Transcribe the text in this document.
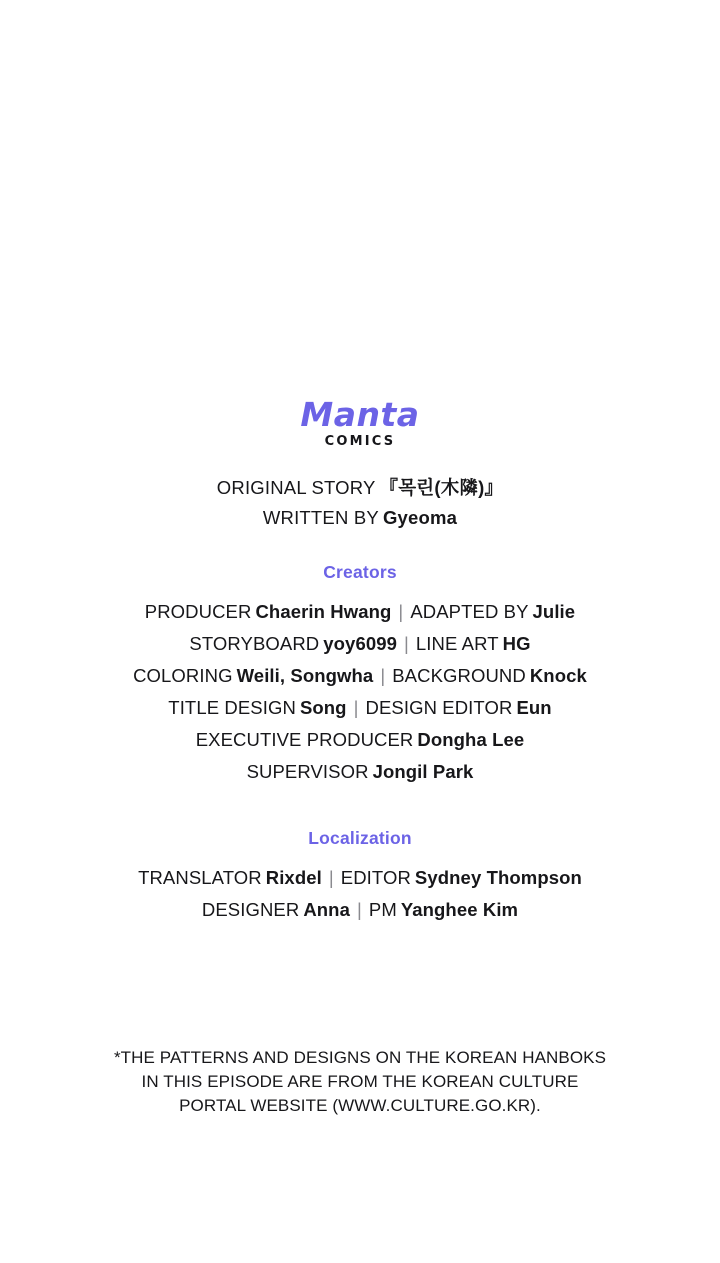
Manta
COMICS
ORIGINAL STORY 『목린(木隣)』
WRITTEN BY Gyeoma
Creators
PRODUCER Chaerin Hwang | ADAPTED BY Julie
STORYBOARD yoy6099 | LINE ART HG
COLORING Weili, Songwha | BACKGROUND Knock
TITLE DESIGN Song | DESIGN EDITOR Eun
EXECUTIVE PRODUCER Dongha Lee
SUPERVISOR Jongil Park
Localization
TRANSLATOR Rixdel | EDITOR Sydney Thompson
DESIGNER Anna | PM Yanghee Kim
*THE PATTERNS AND DESIGNS ON THE KOREAN HANBOKS
IN THIS EPISODE ARE FROM THE KOREAN CULTURE
PORTAL WEBSITE (WWW.CULTURE.GO.KR).
